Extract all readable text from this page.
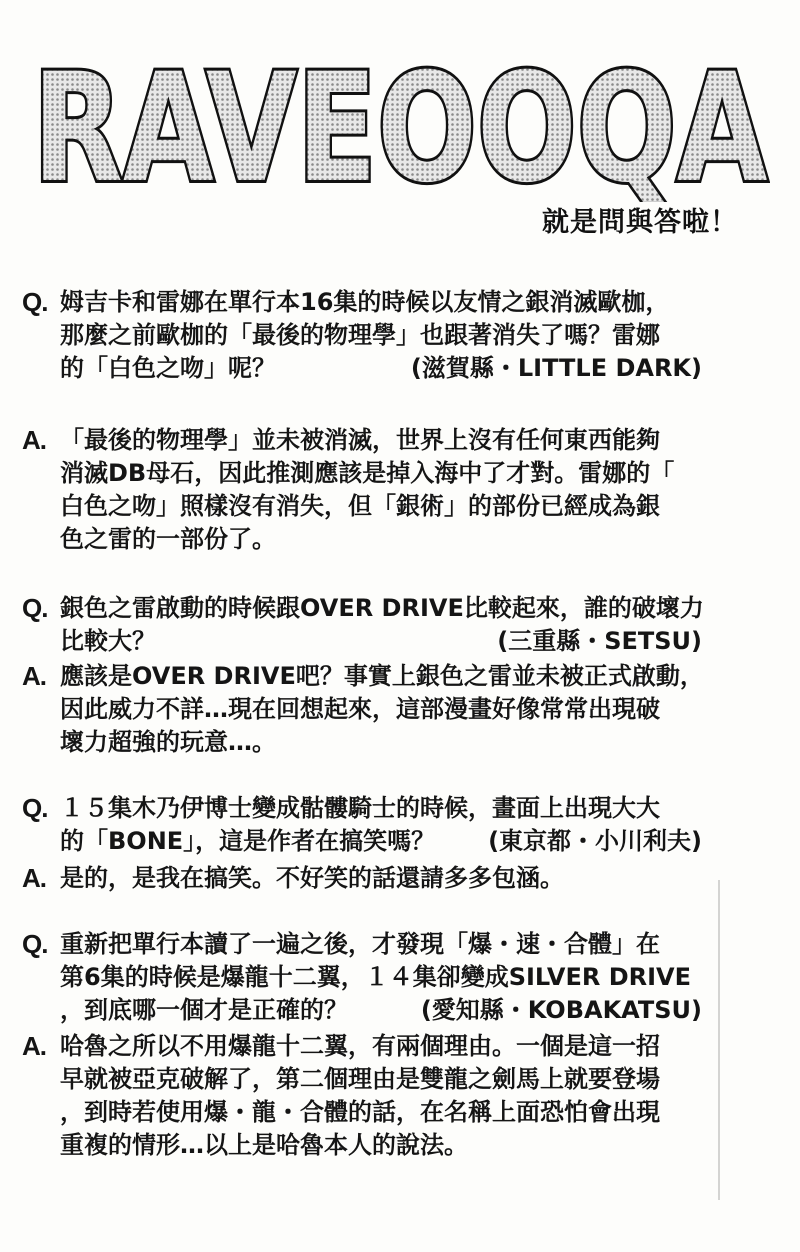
RAVEOOQA
就是問與答啦！
Q. 姆吉卡和雷娜在單行本16集的時候以友情之銀消滅歐枷，
那麼之前歐枷的「最後的物理學」也跟著消失了嗎？雷娜
的「白色之吻」呢？	(滋賀縣・LITTLE DARK)
A. 「最後的物理學」並未被消滅，世界上沒有任何東西能夠
消滅DB母石，因此推測應該是掉入海中了才對。雷娜的「
白色之吻」照樣沒有消失，但「銀術」的部份已經成為銀
色之雷的一部份了。
Q. 銀色之雷啟動的時候跟OVER DRIVE比較起來，誰的破壞力
比較大？	(三重縣・SETSU)
A. 應該是OVER DRIVE吧？事實上銀色之雷並未被正式啟動，
因此威力不詳…現在回想起來，這部漫畫好像常常出現破
壞力超強的玩意…。
Q. １５集木乃伊博士變成骷髏騎士的時候，畫面上出現大大
的「BONE」，這是作者在搞笑嗎？ (東京都・小川利夫)
A. 是的，是我在搞笑。不好笑的話還請多多包涵。
Q. 重新把單行本讀了一遍之後，才發現「爆・速・合體」在
第6集的時候是爆龍十二翼，１４集卻變成SILVER DRIVE
，到底哪一個才是正確的？	(愛知縣・KOBAKATSU)
A. 哈魯之所以不用爆龍十二翼，有兩個理由。一個是這一招
早就被亞克破解了，第二個理由是雙龍之劍馬上就要登場
，到時若使用爆・龍・合體的話，在名稱上面恐怕會出現
重複的情形…以上是哈魯本人的說法。
